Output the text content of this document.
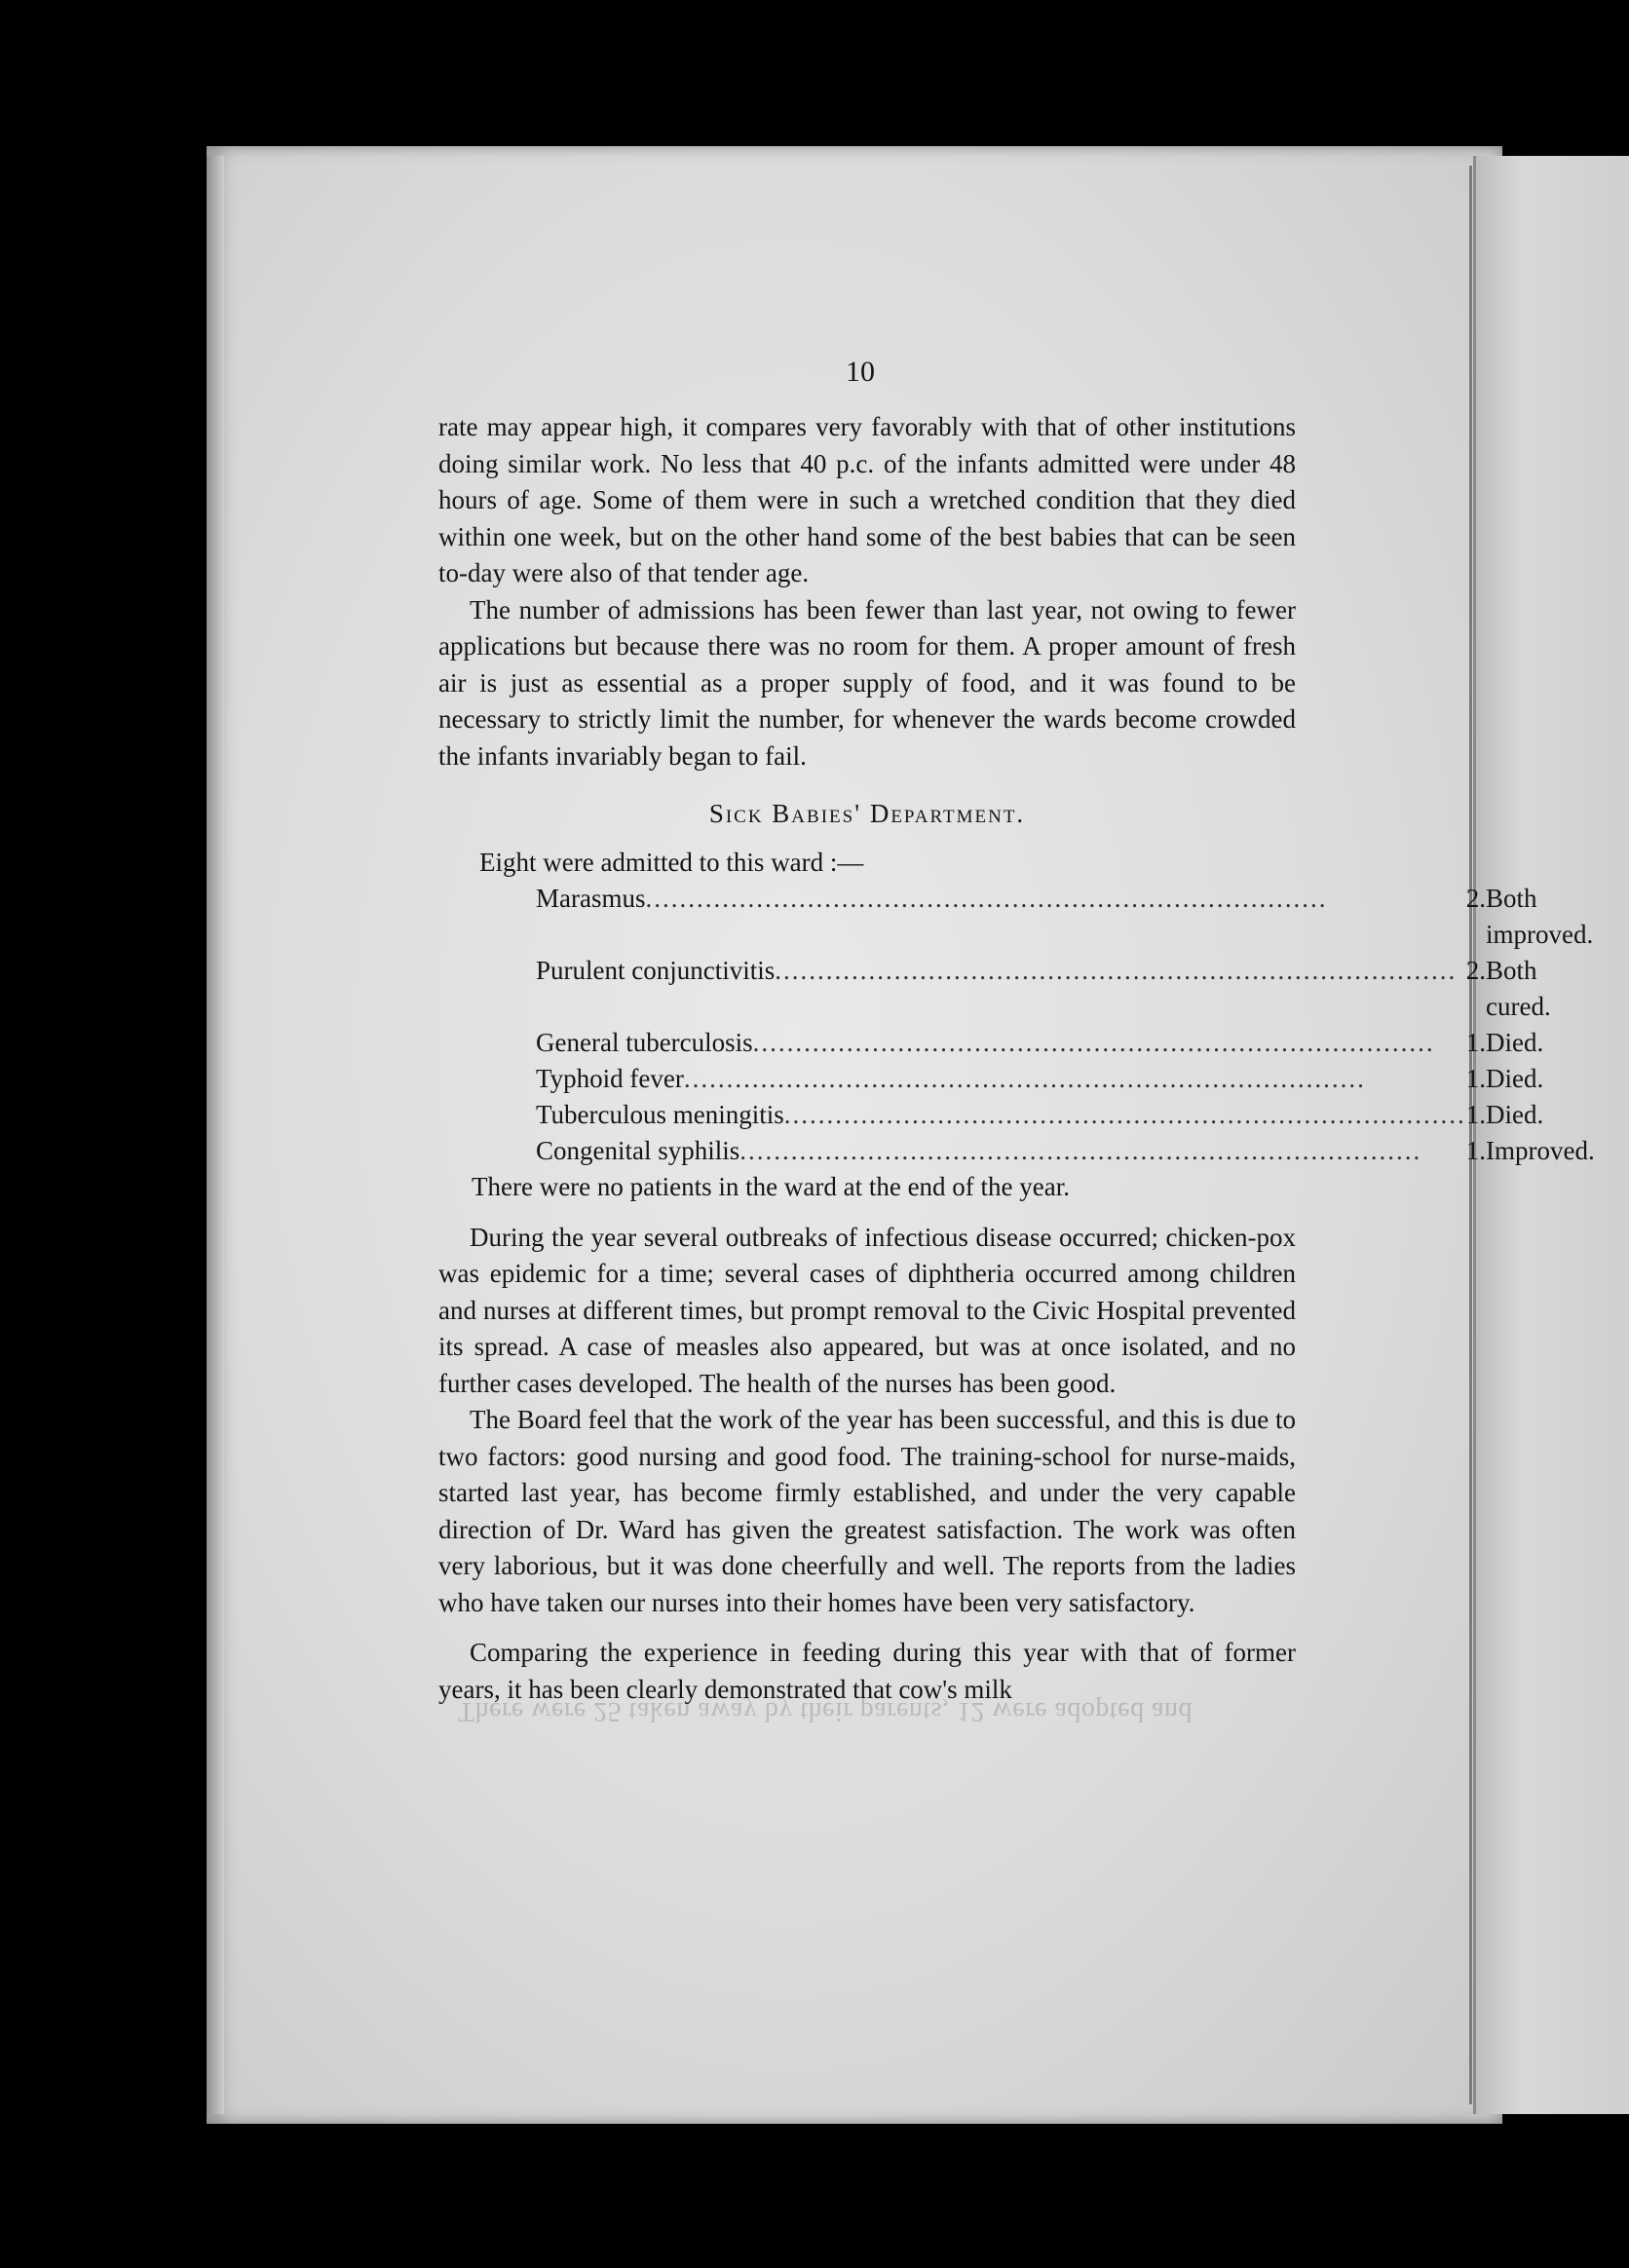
There were 25 taken away by their parents, 12 were adopted and
10

rate may appear high, it compares very favorably with that of other institutions doing similar work. No less that 40 p.c. of the infants admitted were under 48 hours of age. Some of them were in such a wretched condition that they died within one week, but on the other hand some of the best babies that can be seen to-day were also of that tender age.

The number of admissions has been fewer than last year, not owing to fewer applications but because there was no room for them. A proper amount of fresh air is just as essential as a proper supply of food, and it was found to be necessary to strictly limit the number, for whenever the wards become crowded the infants invariably began to fail.

Sick Babies' Department.
Eight were admitted to this ward :—
Marasmus................................................................................	2.	Both improved.
Purulent conjunctivitis................................................................................	2.	Both cured.
General tuberculosis................................................................................	1.	Died.
Typhoid fever................................................................................	1.	Died.
Tuberculous meningitis................................................................................	1.	Died.
Congenital syphilis................................................................................	1.	Improved.
There were no patients in the ward at the end of the year.

During the year several outbreaks of infectious disease occurred; chicken-pox was epidemic for a time; several cases of diphtheria occurred among children and nurses at different times, but prompt removal to the Civic Hospital prevented its spread. A case of measles also appeared, but was at once isolated, and no further cases developed. The health of the nurses has been good.

The Board feel that the work of the year has been successful, and this is due to two factors: good nursing and good food. The training-school for nurse-maids, started last year, has become firmly established, and under the very capable direction of Dr. Ward has given the greatest satisfaction. The work was often very laborious, but it was done cheerfully and well. The reports from the ladies who have taken our nurses into their homes have been very satisfactory.

Comparing the experience in feeding during this year with that of former years, it has been clearly demonstrated that cow's milk
